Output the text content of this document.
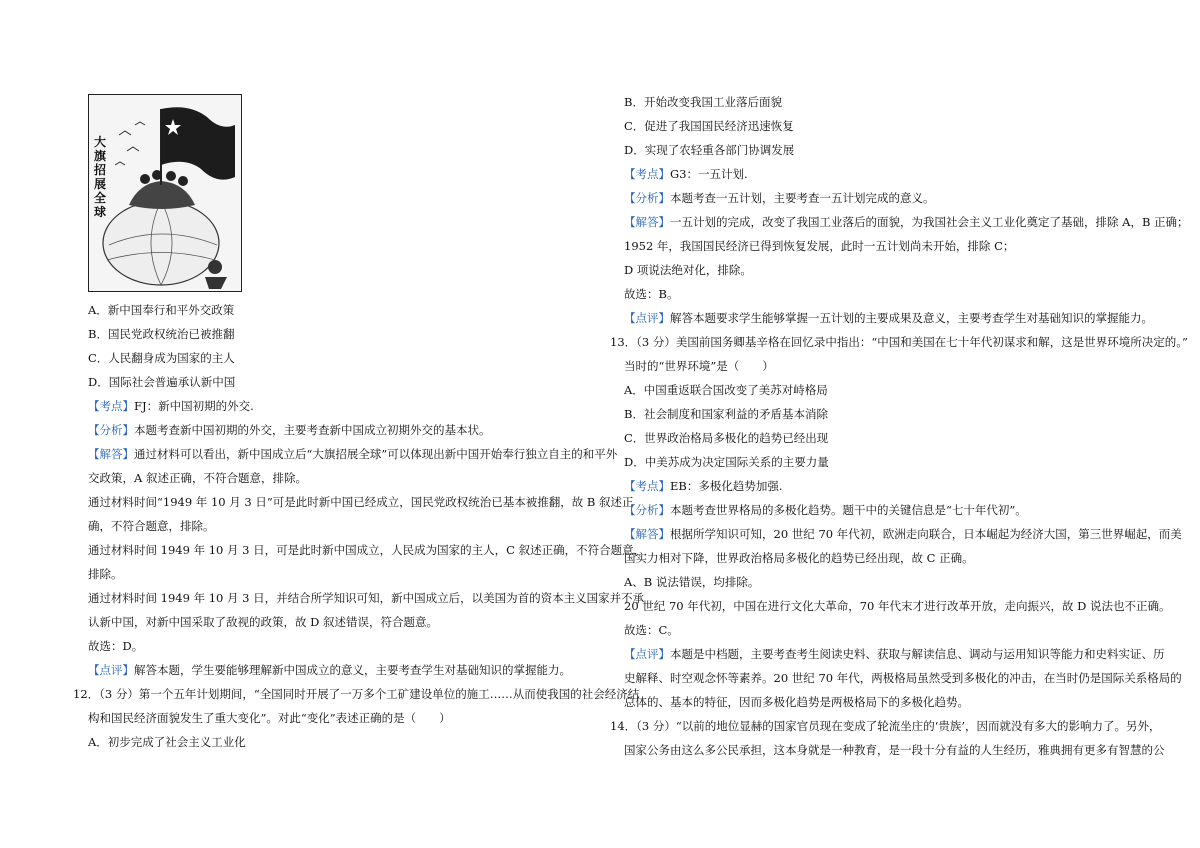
大旗招展全球
A．新中国奉行和平外交政策
B．国民党政权统治已被推翻
C．人民翻身成为国家的主人
D．国际社会普遍承认新中国
【考点】FJ：新中国初期的外交.
【分析】本题考查新中国初期的外交，主要考查新中国成立初期外交的基本状。
【解答】通过材料可以看出，新中国成立后“大旗招展全球”可以体现出新中国开始奉行独立自主的和平外
交政策，A 叙述正确，不符合题意，排除。
通过材料时间“1949 年 10 月 3 日”可是此时新中国已经成立，国民党政权统治已基本被推翻，故 B 叙述正
确，不符合题意，排除。
通过材料时间 1949 年 10 月 3 日，可是此时新中国成立，人民成为国家的主人，C 叙述正确，不符合题意，
排除。
通过材料时间 1949 年 10 月 3 日，并结合所学知识可知，新中国成立后，以美国为首的资本主义国家并不承
认新中国，对新中国采取了敌视的政策，故 D 叙述错误，符合题意。
故选：D。
【点评】解答本题，学生要能够理解新中国成立的意义，主要考查学生对基础知识的掌握能力。
12．（3 分）第一个五年计划期间，“全国同时开展了一万多个工矿建设单位的施工……从而使我国的社会经济结
构和国民经济面貌发生了重大变化”。对此“变化”表述正确的是（　　）
A．初步完成了社会主义工业化
B．开始改变我国工业落后面貌
C．促进了我国国民经济迅速恢复
D．实现了农轻重各部门协调发展
【考点】G3：一五计划.
【分析】本题考查一五计划，主要考查一五计划完成的意义。
【解答】一五计划的完成，改变了我国工业落后的面貌，为我国社会主义工业化奠定了基础，排除 A，B 正确；
1952 年，我国国民经济已得到恢复发展，此时一五计划尚未开始，排除 C；
D 项说法绝对化，排除。
故选：B。
【点评】解答本题要求学生能够掌握一五计划的主要成果及意义，主要考查学生对基础知识的掌握能力。
13．（3 分）美国前国务卿基辛格在回忆录中指出：“中国和美国在七十年代初谋求和解，这是世界环境所决定的。”
当时的“世界环境”是（　　）
A．中国重返联合国改变了美苏对峙格局
B．社会制度和国家利益的矛盾基本消除
C．世界政治格局多极化的趋势已经出现
D．中美苏成为决定国际关系的主要力量
【考点】EB：多极化趋势加强.
【分析】本题考查世界格局的多极化趋势。题干中的关键信息是“七十年代初”。
【解答】根据所学知识可知，20 世纪 70 年代初，欧洲走向联合，日本崛起为经济大国，第三世界崛起，而美
国实力相对下降，世界政治格局多极化的趋势已经出现，故 C 正确。
A、B 说法错误，均排除。
20 世纪 70 年代初，中国在进行文化大革命，70 年代末才进行改革开放，走向振兴，故 D 说法也不正确。
故选：C。
【点评】本题是中档题，主要考查考生阅读史料、获取与解读信息、调动与运用知识等能力和史料实证、历
史解释、时空观念怀等素养。20 世纪 70 年代，两极格局虽然受到多极化的冲击，在当时仍是国际关系格局的
总体的、基本的特征，因而多极化趋势是两极格局下的多极化趋势。
14．（3 分）“以前的地位显赫的国家官员现在变成了轮流坐庄的‘贵族’，因而就没有多大的影响力了。另外，
国家公务由这么多公民承担，这本身就是一种教育，是一段十分有益的人生经历，雅典拥有更多有智慧的公
